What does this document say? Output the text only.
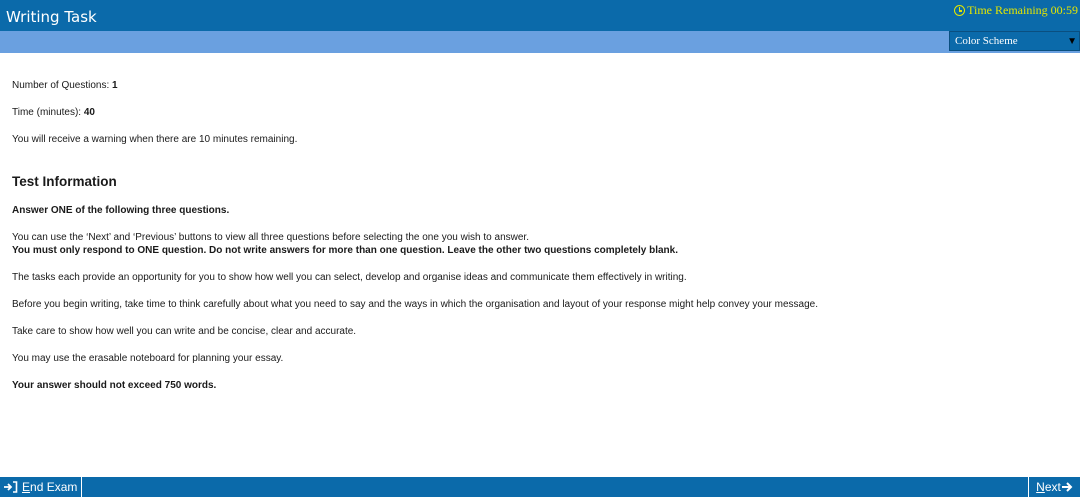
Writing Task	Time Remaining 00:59
Color Scheme	▼
Number of Questions: 1
Time (minutes): 40
You will receive a warning when there are 10 minutes remaining.
Test Information
Answer ONE of the following three questions.
You can use the ‘Next’ and ‘Previous’ buttons to view all three questions before selecting the one you wish to answer.
You must only respond to ONE question. Do not write answers for more than one question. Leave the other two questions completely blank.
The tasks each provide an opportunity for you to show how well you can select, develop and organise ideas and communicate them effectively in writing.
Before you begin writing, take time to think carefully about what you need to say and the ways in which the organisation and layout of your response might help convey your message.
Take care to show how well you can write and be concise, clear and accurate.
You may use the erasable noteboard for planning your essay.
Your answer should not exceed 750 words.
End Exam	Next
